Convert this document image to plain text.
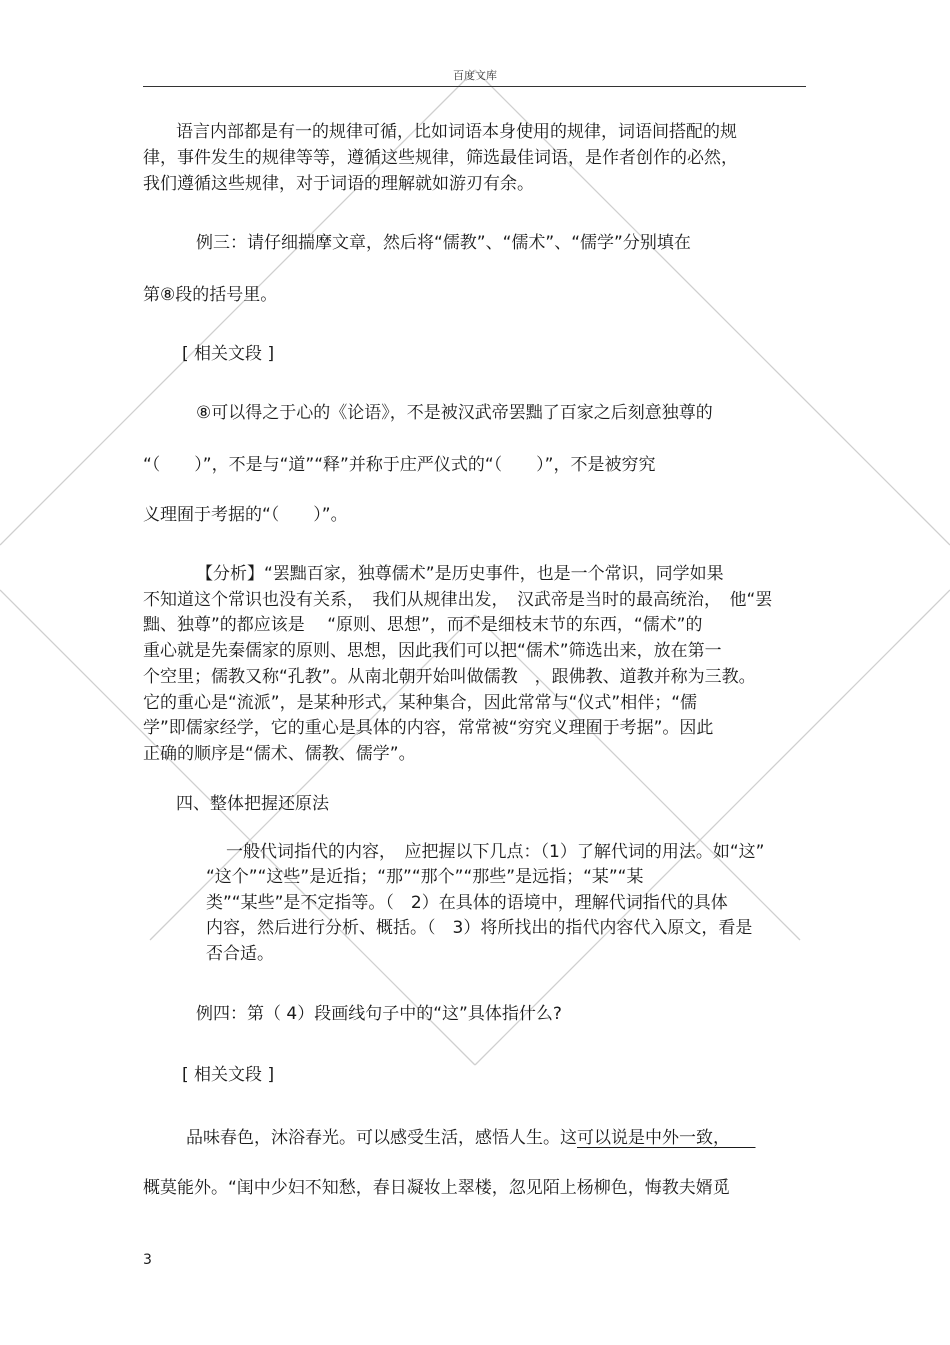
百度文库
语言内部都是有一的规律可循，比如词语本身使用的规律，词语间搭配的规
律，事件发生的规律等等，遵循这些规律，筛选最佳词语，是作者创作的必然，
我们遵循这些规律，对于词语的理解就如游刃有余。
例三：请仔细揣摩文章，然后将“儒教”、“儒术”、“儒学”分别填在
第⑧段的括号里。
[ 相关文段 ]
⑧可以得之于心的《论语》，不是被汉武帝罢黜了百家之后刻意独尊的
“（　　）”，不是与“道”“释”并称于庄严仪式的“（　　）”，不是被穷究
义理囿于考据的“（　　）”。
【分析】“罢黜百家，独尊儒术”是历史事件，也是一个常识，同学如果
不知道这个常识也没有关系，　我们从规律出发，　汉武帝是当时的最高统治，　他“罢
黜、独尊”的都应该是　 “原则、思想”，而不是细枝末节的东西，“儒术”的
重心就是先秦儒家的原则、思想，因此我们可以把“儒术”筛选出来，放在第一
个空里；儒教又称“孔教”。从南北朝开始叫做儒教　，跟佛教、道教并称为三教。
它的重心是“流派”，是某种形式，某种集合，因此常常与“仪式”相伴；“儒
学”即儒家经学，它的重心是具体的内容，常常被“穷究义理囿于考据”。因此
正确的顺序是“儒术、儒教、儒学”。
四、整体把握还原法
一般代词指代的内容，　应把握以下几点：（1）了解代词的用法。如“这”
“这个”“这些”是近指；“那”“那个”“那些”是远指；“某”“某
类”“某些”是不定指等。（　2）在具体的语境中，理解代词指代的具体
内容，然后进行分析、概括。（　3）将所找出的指代内容代入原文，看是
否合适。
例四：第（ 4）段画线句子中的“这”具体指什么?
[ 相关文段 ]
品味春色，沐浴春光。可以感受生活，感悟人生。这可以说是中外一致，　　
概莫能外。“闺中少妇不知愁，春日凝妆上翠楼，忽见陌上杨柳色，悔教夫婿觅
3
